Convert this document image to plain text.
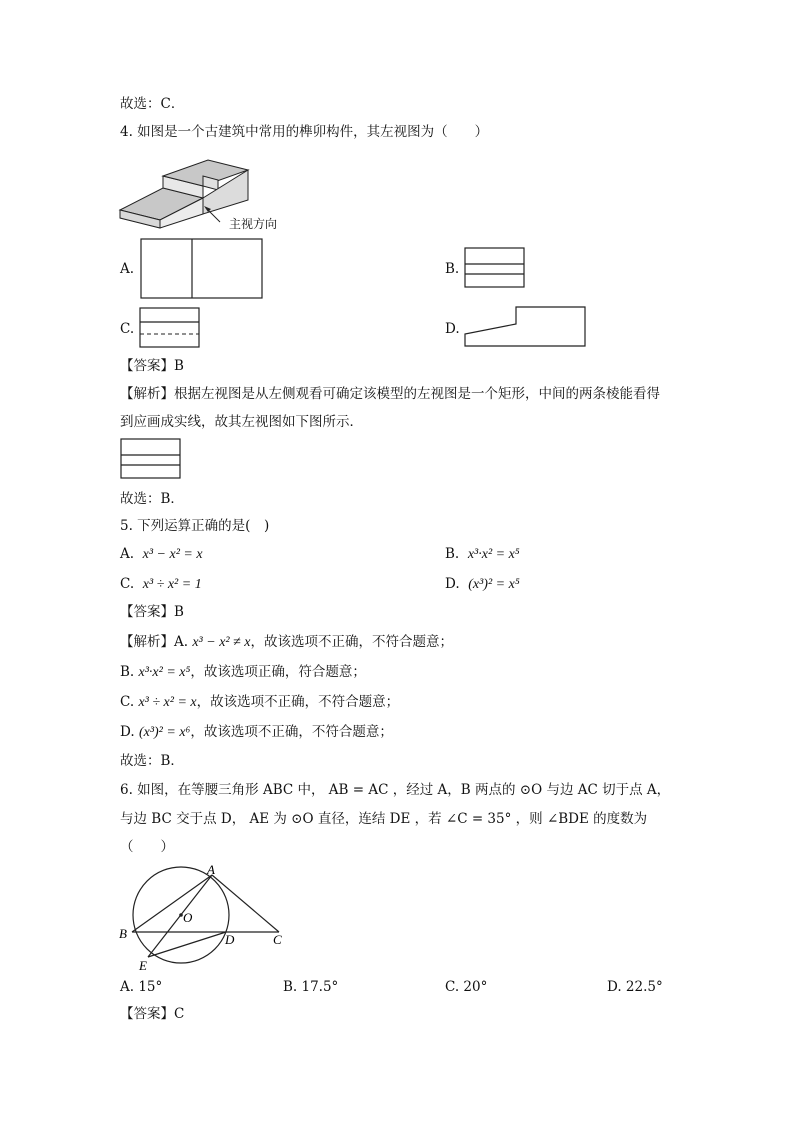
故选：C．
4. 如图是一个古建筑中常用的榫卯构件，其左视图为（　　）
主视方向
A.	B.
C.	D.
【答案】B
【解析】根据左视图是从左侧观看可确定该模型的左视图是一个矩形，中间的两条棱能看得
到应画成实线，故其左视图如下图所示．
故选：B．
5. 下列运算正确的是(　)
A. x³ − x² = x	B. x³·x² = x⁵
C. x³ ÷ x² = 1	D. (x³)² = x⁵
【答案】B
【解析】A. x³ − x² ≠ x，故该选项不正确，不符合题意；
B. x³·x² = x⁵，故该选项正确，符合题意；
C. x³ ÷ x² = x，故该选项不正确，不符合题意；
D. (x³)² = x⁶，故该选项不正确，不符合题意；
故选：B．
6. 如图，在等腰三角形 ABC 中， AB = AC ，经过 A，B 两点的 ⊙O 与边 AC 切于点 A，
与边 BC 交于点 D， AE 为 ⊙O 直径，连结 DE ，若 ∠C = 35° ，则 ∠BDE 的度数为
（　　）
A
B	C
D
E
O
A. 15°	B. 17.5°	C. 20°	D. 22.5°
【答案】C
